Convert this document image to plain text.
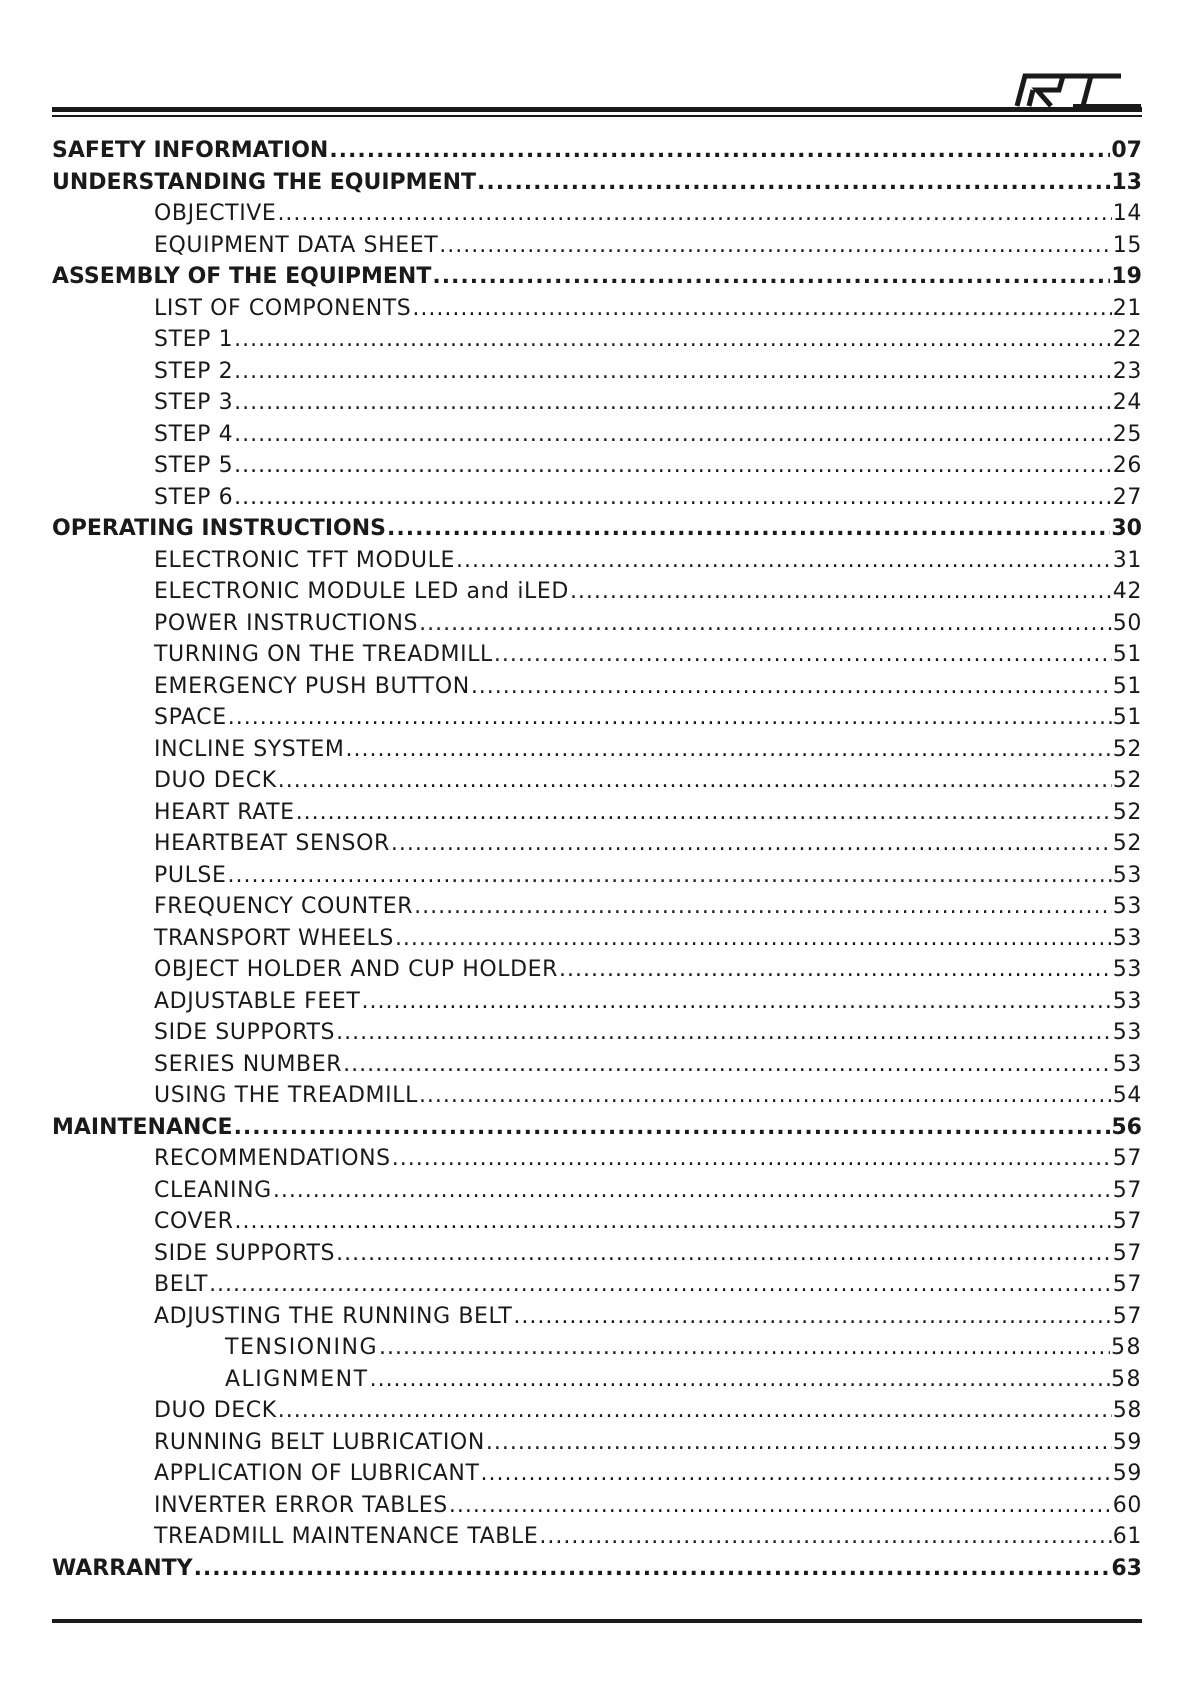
SAFETY INFORMATION .....	07
UNDERSTANDING THE EQUIPMENT .....	13
OBJECTIVE .....	14
EQUIPMENT DATA SHEET .....	15
ASSEMBLY OF THE EQUIPMENT .....	19
LIST OF COMPONENTS .....	21
STEP 1 .....	22
STEP 2 .....	23
STEP 3 .....	24
STEP 4 .....	25
STEP 5 .....	26
STEP 6 .....	27
OPERATING INSTRUCTIONS .....	30
ELECTRONIC TFT MODULE .....	31
ELECTRONIC MODULE LED and iLED .....	42
POWER INSTRUCTIONS .....	50
TURNING ON THE TREADMILL .....	51
EMERGENCY PUSH BUTTON .....	51
SPACE .....	51
INCLINE SYSTEM .....	52
DUO DECK .....	52
HEART RATE .....	52
HEARTBEAT SENSOR .....	52
PULSE .....	53
FREQUENCY COUNTER .....	53
TRANSPORT WHEELS .....	53
OBJECT HOLDER AND CUP HOLDER .....	53
ADJUSTABLE FEET .....	53
SIDE SUPPORTS .....	53
SERIES NUMBER .....	53
USING THE TREADMILL .....	54
MAINTENANCE .....	56
RECOMMENDATIONS .....	57
CLEANING .....	57
COVER .....	57
SIDE SUPPORTS .....	57
BELT .....	57
ADJUSTING THE RUNNING BELT .....	57
TENSIONING .....	58
ALIGNMENT .....	58
DUO DECK .....	58
RUNNING BELT LUBRICATION .....	59
APPLICATION OF LUBRICANT .....	59
INVERTER ERROR TABLES .....	60
TREADMILL MAINTENANCE TABLE .....	61
WARRANTY .....	63
